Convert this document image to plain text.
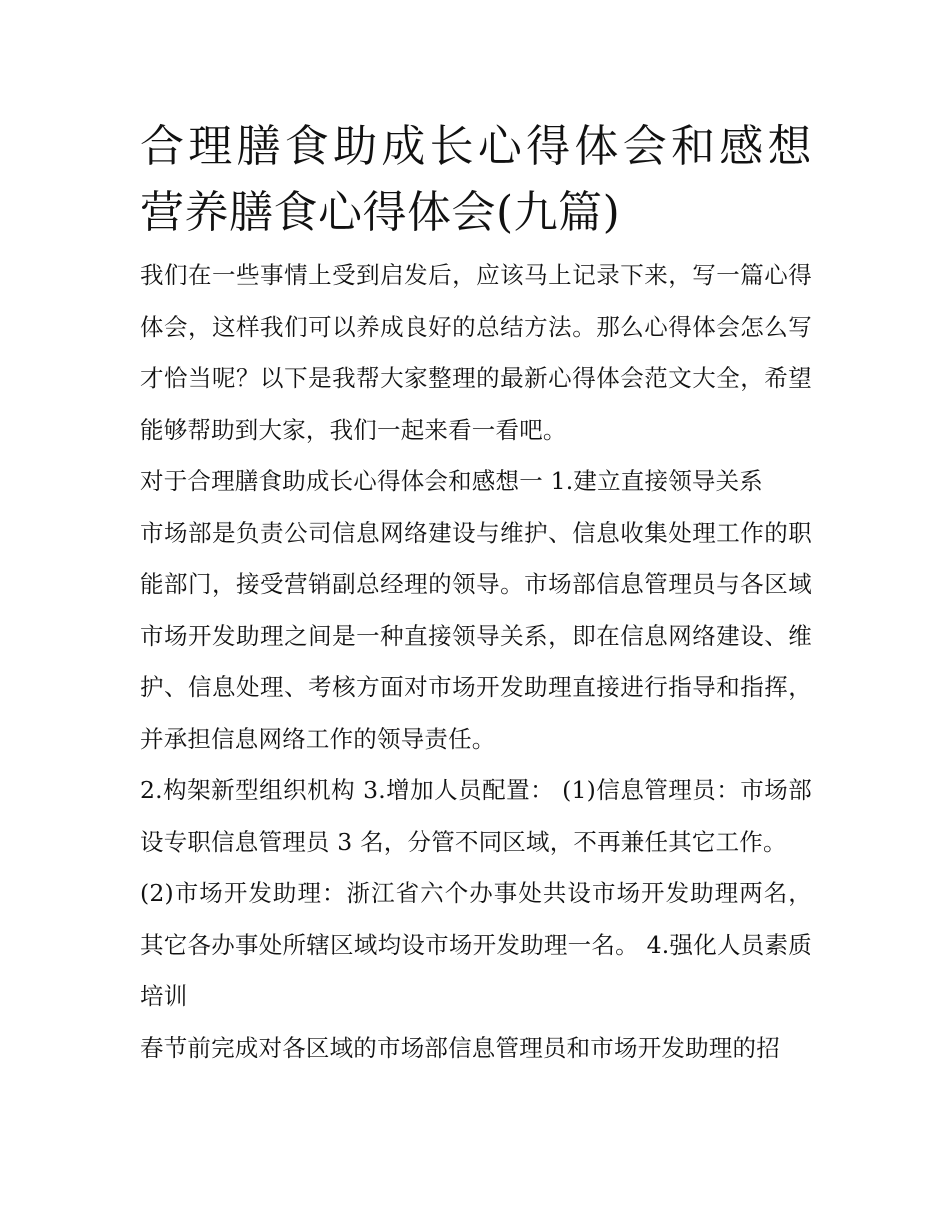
合理膳食助成长心得体会和感想 营养膳食心得体会(九篇)

我们在一些事情上受到启发后，应该马上记录下来，写一篇心得体会，这样我们可以养成良好的总结方法。那么心得体会怎么写才恰当呢？以下是我帮大家整理的最新心得体会范文大全，希望能够帮助到大家，我们一起来看一看吧。

对于合理膳食助成长心得体会和感想一 1.建立直接领导关系

市场部是负责公司信息网络建设与维护、信息收集处理工作的职能部门，接受营销副总经理的领导。市场部信息管理员与各区域市场开发助理之间是一种直接领导关系，即在信息网络建设、维护、信息处理、考核方面对市场开发助理直接进行指导和指挥，并承担信息网络工作的领导责任。

2.构架新型组织机构 3.增加人员配置： (1)信息管理员：市场部设专职信息管理员 3 名，分管不同区域，不再兼任其它工作。

(2)市场开发助理：浙江省六个办事处共设市场开发助理两名，其它各办事处所辖区域均设市场开发助理一名。 4.强化人员素质培训

春节前完成对各区域的市场部信息管理员和市场开发助理的招
